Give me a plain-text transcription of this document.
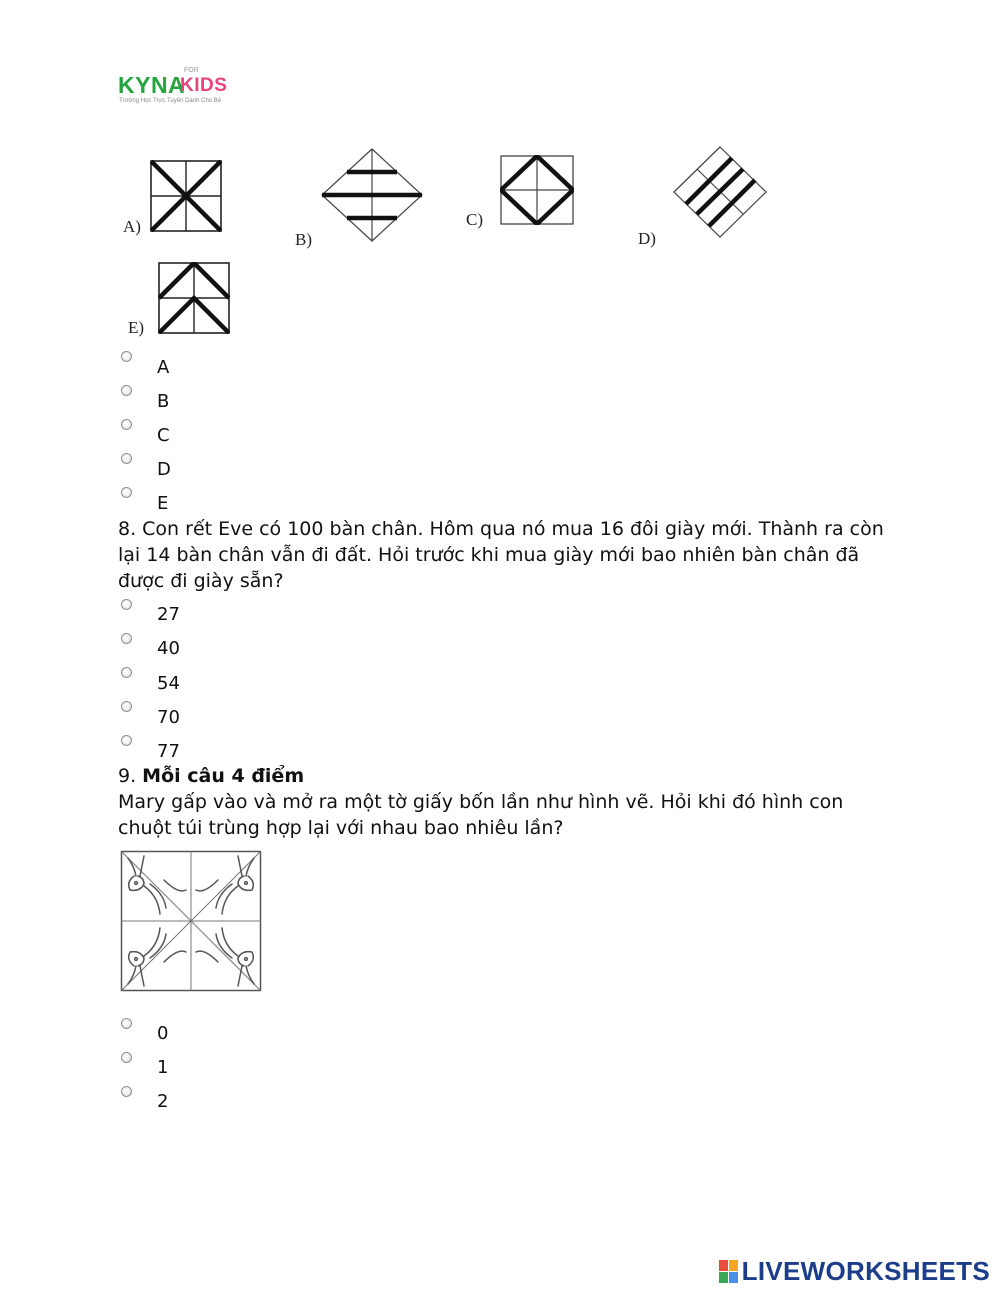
KYNA
FOR
KIDS
Trường Học Trực Tuyến Dành Cho Bé
A)
B)
C)
D)
E)
A
B
C
D
E
8. Con rết Eve có 100 bàn chân. Hôm qua nó mua 16 đôi giày mới. Thành ra còn lại 14 bàn chân vẫn đi đất. Hỏi trước khi mua giày mới bao nhiên bàn chân đã được đi giày sẵn?
27
40
54
70
77
9. Mỗi câu 4 điểm
Mary gấp vào và mở ra một tờ giấy bốn lần như hình vẽ. Hỏi khi đó hình con chuột túi trùng hợp lại với nhau bao nhiêu lần?
0
1
2
LIVEWORKSHEETS
